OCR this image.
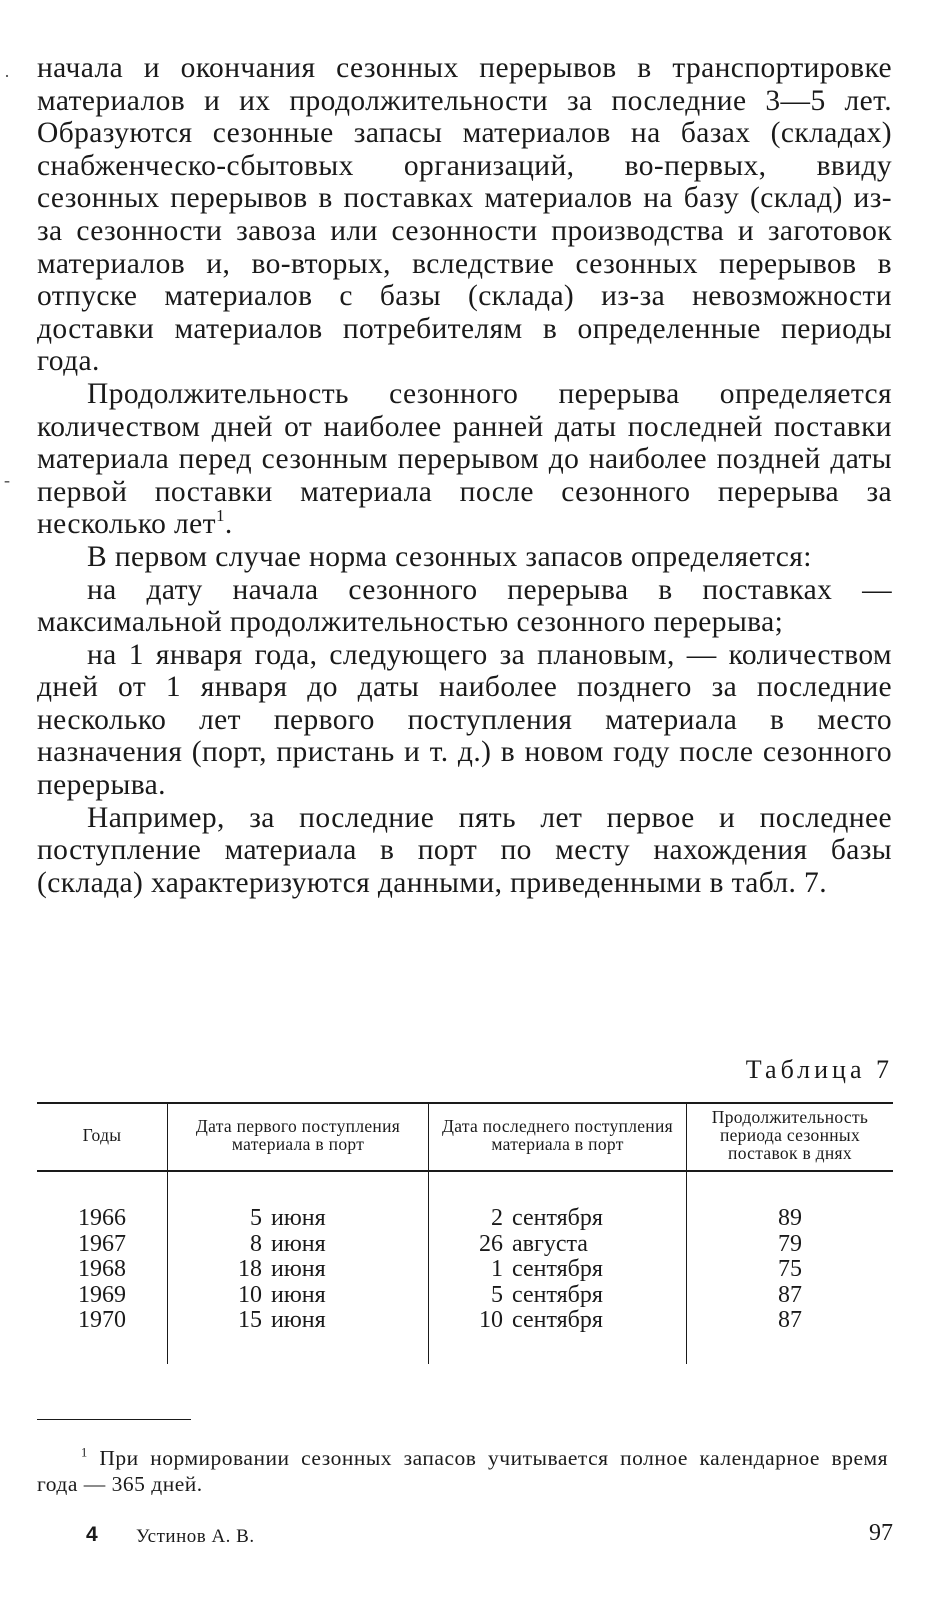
начала и окончания сезонных перерывов в транспортировке материалов и их продолжительности за последние 3—5 лет. Образуются сезонные запасы материалов на базах (складах) снабженческо-сбытовых организаций, во-первых, ввиду сезонных перерывов в поставках материалов на базу (склад) из-за сезонности завоза или сезонности производства и заготовок материалов и, во-вторых, вследствие сезонных перерывов в отпуске материалов с базы (склада) из-за невозможности доставки материалов потребителям в определенные периоды года.

Продолжительность сезонного перерыва определяется количеством дней от наиболее ранней даты последней поставки материала перед сезонным перерывом до наиболее поздней даты первой поставки материала после сезонного перерыва за несколько лет$^1$.

В первом случае норма сезонных запасов определяется:

на дату начала сезонного перерыва в поставках — максимальной продолжительностью сезонного перерыва;

на 1 января года, следующего за плановым, — количеством дней от 1 января до даты наиболее позднего за последние несколько лет первого поступления материала в место назначения (порт, пристань и т. д.) в новом году после сезонного перерыва.

Например, за последние пять лет первое и последнее поступление материала в порт по месту нахождения базы (склада) характеризуются данными, приведенными в табл. 7.

Таблица 7
Годы	Дата первого поступления материала в порт	Дата последнего поступления материала в порт	Продолжительность периода сезонных поставок в днях

1966	5 июня	2 сентября	89
1967	8 июня	26 августа	79
1968	18 июня	1 сентября	75
1969	10 июня	5 сентября	87
1970	15 июня	10 сентября	87

$^1$ При нормировании сезонных запасов учитывается полное календарное время года — 365 дней.

4 Устинов А. В.	97
·
-
